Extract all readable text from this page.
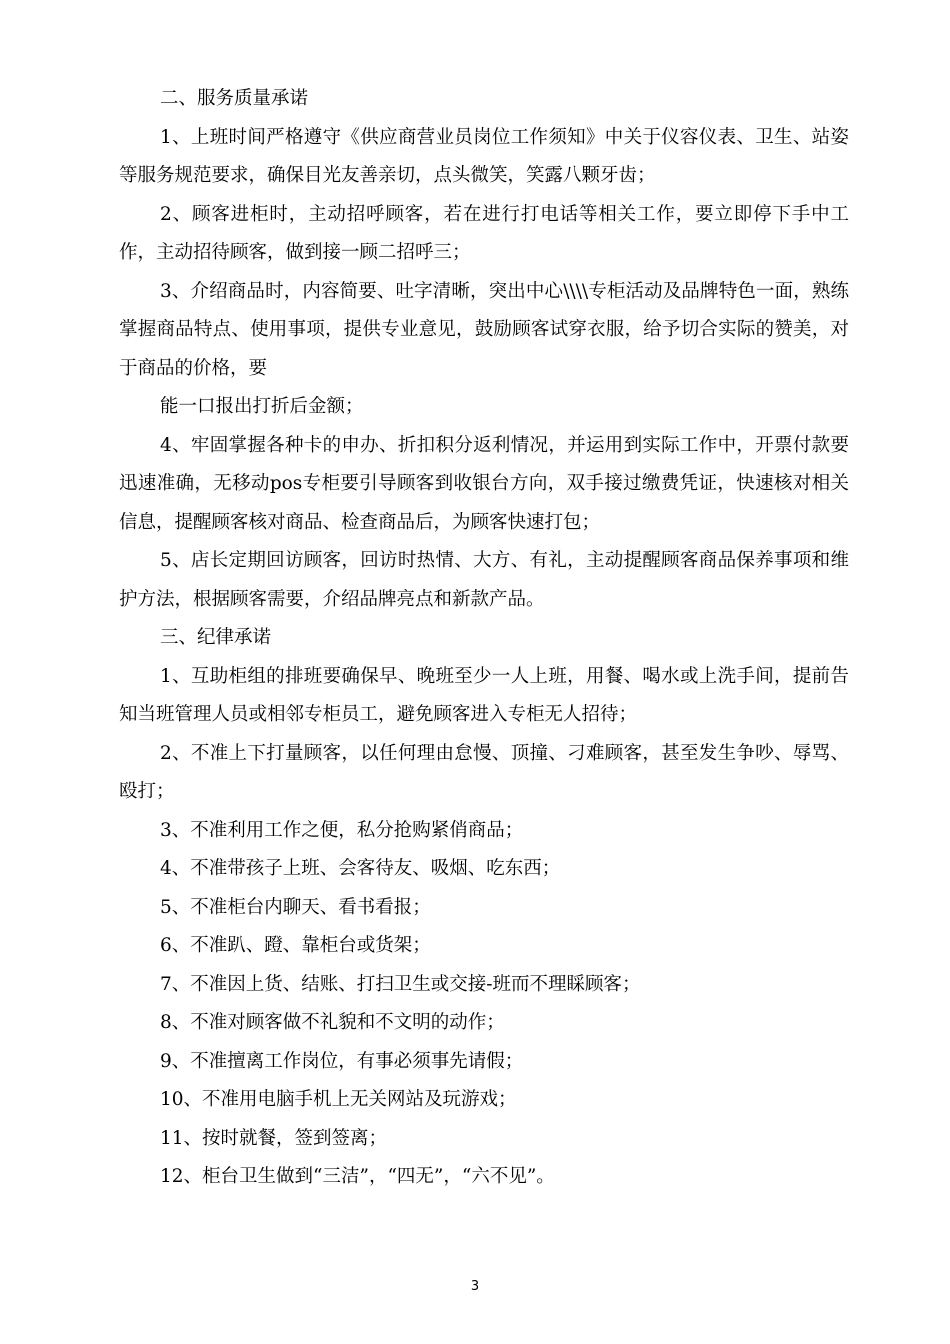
二、服务质量承诺

1、上班时间严格遵守《供应商营业员岗位工作须知》中关于仪容仪表、卫生、站姿等服务规范要求，确保目光友善亲切，点头微笑，笑露八颗牙齿；

2、顾客进柜时，主动招呼顾客，若在进行打电话等相关工作，要立即停下手中工作，主动招待顾客，做到接一顾二招呼三；

3、介绍商品时，内容简要、吐字清晰，突出中心\\\\专柜活动及品牌特色一面，熟练掌握商品特点、使用事项，提供专业意见，鼓励顾客试穿衣服，给予切合实际的赞美，对于商品的价格，要

能一口报出打折后金额；

4、牢固掌握各种卡的申办、折扣积分返利情况，并运用到实际工作中，开票付款要迅速准确，无移动pos专柜要引导顾客到收银台方向，双手接过缴费凭证，快速核对相关信息，提醒顾客核对商品、检查商品后，为顾客快速打包；

5、店长定期回访顾客，回访时热情、大方、有礼，主动提醒顾客商品保养事项和维护方法，根据顾客需要，介绍品牌亮点和新款产品。

三、纪律承诺

1、互助柜组的排班要确保早、晚班至少一人上班，用餐、喝水或上洗手间，提前告知当班管理人员或相邻专柜员工，避免顾客进入专柜无人招待；

2、不准上下打量顾客，以任何理由怠慢、顶撞、刁难顾客，甚至发生争吵、辱骂、殴打；

3、不准利用工作之便，私分抢购紧俏商品；

4、不准带孩子上班、会客待友、吸烟、吃东西；

5、不准柜台内聊天、看书看报；

6、不准趴、蹬、靠柜台或货架；

7、不准因上货、结账、打扫卫生或交接-班而不理睬顾客；

8、不准对顾客做不礼貌和不文明的动作；

9、不准擅离工作岗位，有事必须事先请假；

10、不准用电脑手机上无关网站及玩游戏；

11、按时就餐，签到签离；

12、柜台卫生做到“三洁”，“四无”，“六不见”。

3
